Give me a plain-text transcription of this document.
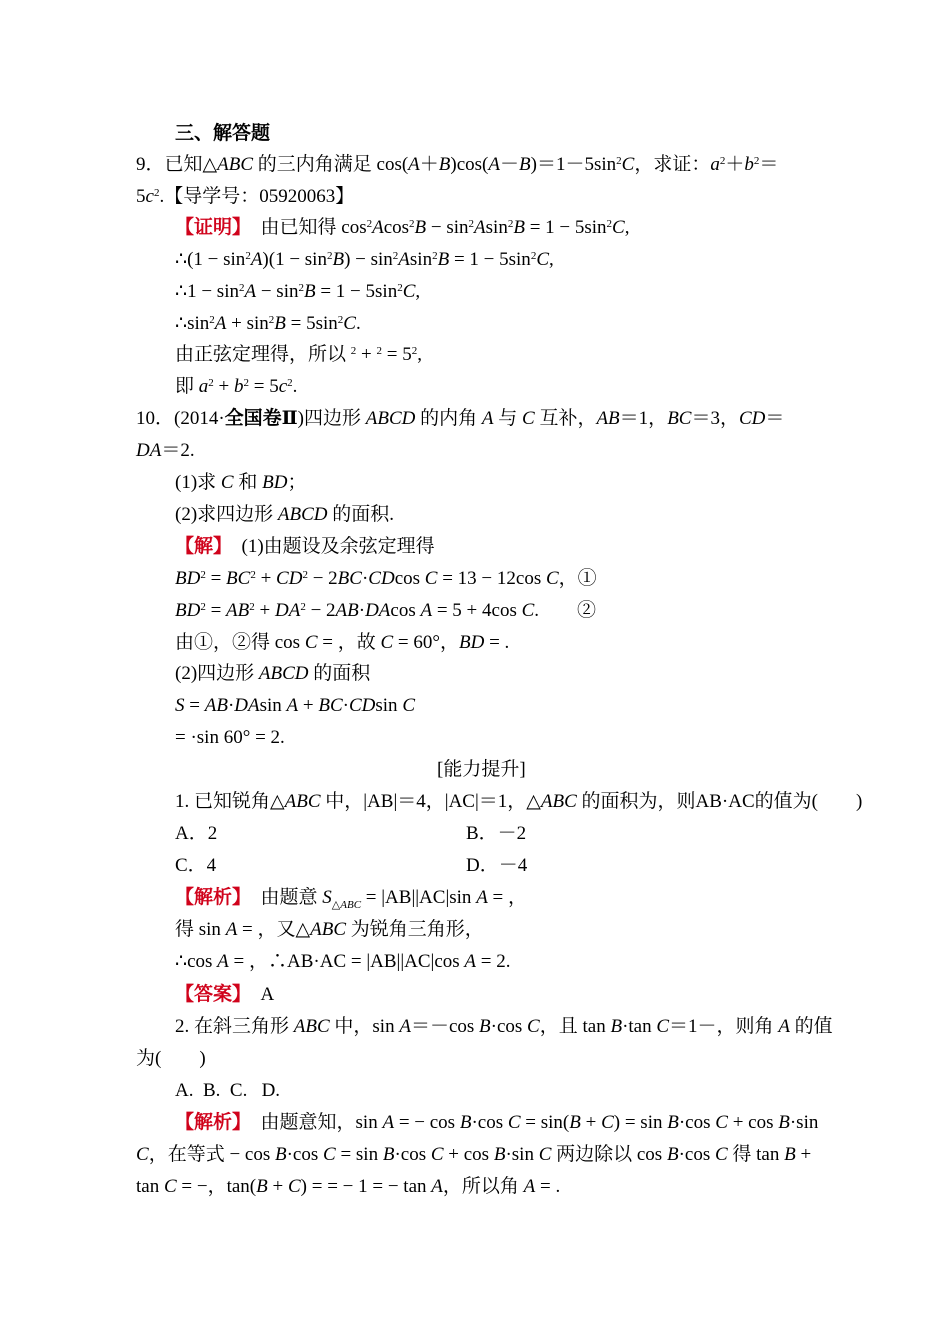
三、解答题
9．已知△ABC 的三内角满足 $\cos(A+B)\cos(A-B)=1-5\sin^2C$，求证：$a^2+b^2=$
$5c^2$.【导学号：05920063】
【证明】　由已知得 $\cos^2Acos^2B - \sin^2Asin^2B = 1 - 5\sin^2C$,
∴(1 − $\sin^2A)(1 - \sin^2B) - \sin^2Asin^2B = 1 - 5\sin^2C$,
∴1 − $\sin^2A - \sin^2B = 1 - 5\sin^2C$,
$\therefore\sin^2A + \sin^2B = 5\sin^2C$.
由正弦定理得，所以 $^2 + ^2 = 5^2$,
即 $a^2 + b^2 = 5c^2$.
10．(2014·全国卷Ⅱ)四边形 ABCD 的内角 A 与 C 互补，AB＝1，BC＝3，CD＝
DA＝2.
(1)求 C 和 BD；
(2)求四边形 ABCD 的面积.
【解】　(1)由题设及余弦定理得
$BD^2 = BC^2 + CD^2 - 2BC\cdot CDcos$ C = 13 − 12cos C，①
$BD^2 = AB^2 + DA^2 - 2AB\cdot DAcos$ A = 5 + 4cos C.　　②
由①，②得 cos C = ，故 C = 60°，BD = .
(2)四边形 ABCD 的面积
S = AB·DAsin A + BC·CDsin C
= ·sin 60° = 2.
[能力提升]
1. 已知锐角△ABC 中，|AB|＝4，|AC|＝1，△ABC 的面积为，则AB·AC的值为(　　)
A．2	B．－2
C．4	D．－4
【解析】　由题意 $S_{\triangle ABC} = |AB||AC|\sin$ A = ，
得 sin A = ，又△ABC 为锐角三角形，
∴cos A = ，∴AB·AC = |AB||AC|cos A = 2.
【答案】　A
2. 在斜三角形 ABC 中，sin A＝－cos B·cos C，且 tan B·tan C＝1－，则角 A 的值
为(　　)
A.  B.  C.   D.
【解析】　由题意知，sin A = − cos B·cos C = sin(B + C) = sin B·cos C + cos B·sin
C，在等式 − cos B·cos C = sin B·cos C + cos B·sin C 两边除以 cos B·cos C 得 tan B +
tan C = −，tan(B + C) = = − 1 = − tan A，所以角 A = .
